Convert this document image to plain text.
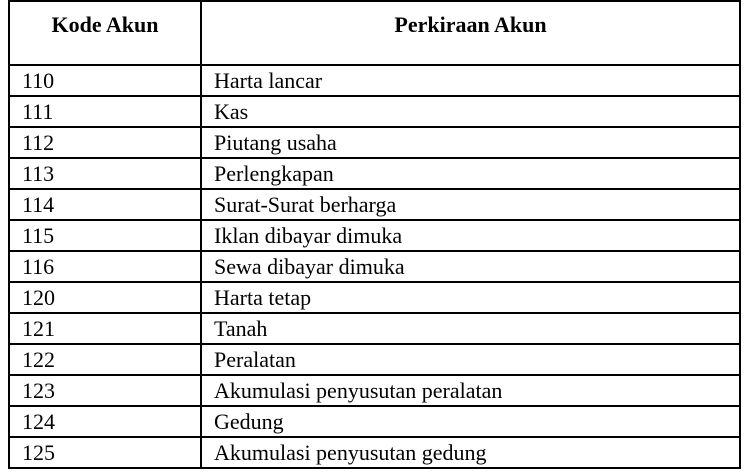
Kode Akun	Perkiraan Akun
110	Harta lancar
111	Kas
112	Piutang usaha
113	Perlengkapan
114	Surat-Surat berharga
115	Iklan dibayar dimuka
116	Sewa dibayar dimuka
120	Harta tetap
121	Tanah
122	Peralatan
123	Akumulasi penyusutan peralatan
124	Gedung
125	Akumulasi penyusutan gedung
